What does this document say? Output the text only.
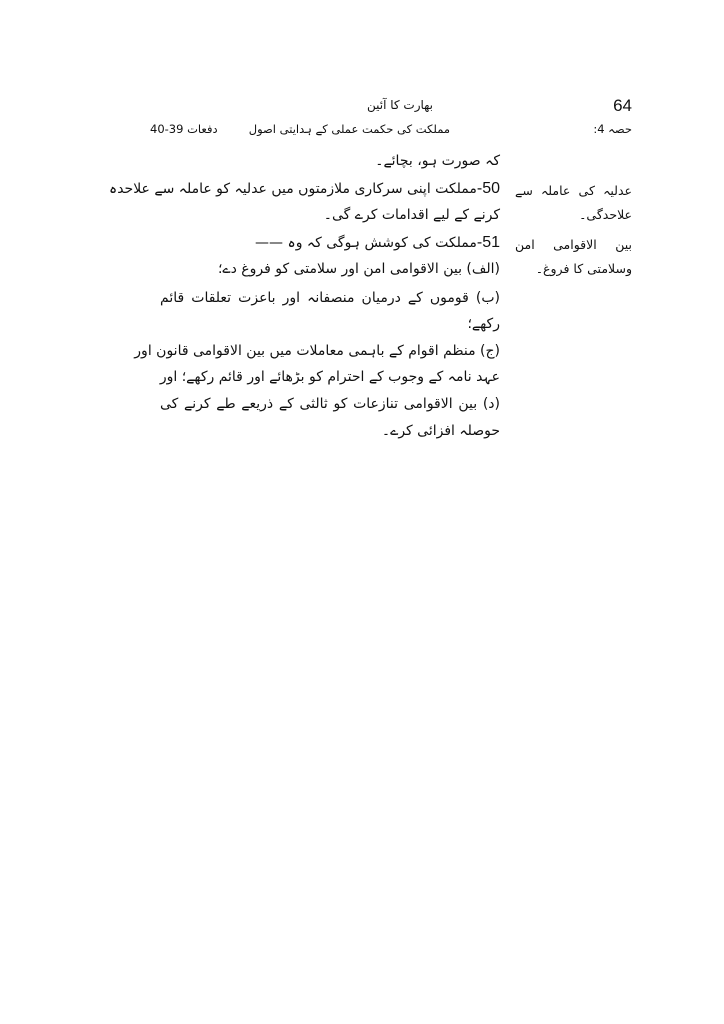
64
بھارت کا آئین
حصہ 4:
مملکت کی حکمت عملی کے ہدایتی اصول
دفعات 39-40
کہ صورت ہو، بچائے۔
50-مملکت اپنی سرکاری ملازمتوں میں عدلیہ کو عاملہ سے علاحدہ
کرنے کے لیے اقدامات کرے گی۔
51-مملکت کی کوشش ہوگی کہ وہ ——
(الف) بین الاقوامی امن اور سلامتی کو فروغ دے؛
(ب) قوموں کے درمیان منصفانہ اور باعزت تعلقات قائم
رکھے؛
(ج) منظم اقوام کے باہمی معاملات میں بین الاقوامی قانون اور
عہد نامہ کے وجوب کے احترام کو بڑھائے اور قائم رکھے؛ اور
(د) بین الاقوامی تنازعات کو ثالثی کے ذریعے طے کرنے کی
حوصلہ افزائی کرے۔
عدلیہ کی عاملہ سے
علاحدگی۔
بین الاقوامی امن
وسلامتی کا فروغ۔
